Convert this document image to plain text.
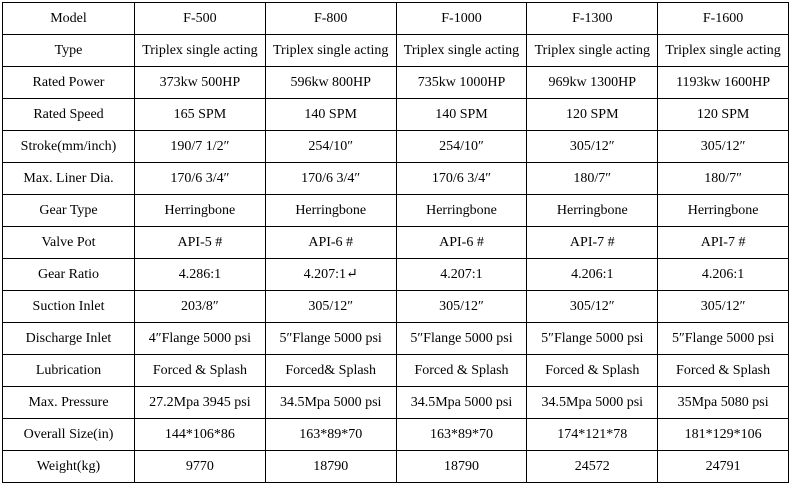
Model	F-500	F-800	F-1000	F-1300	F-1600
Type	Triplex single acting	Triplex single acting	Triplex single acting	Triplex single acting	Triplex single acting
Rated Power	373kw 500HP	596kw 800HP	735kw 1000HP	969kw 1300HP	1193kw 1600HP
Rated Speed	165 SPM	140 SPM	140 SPM	120 SPM	120 SPM
Stroke(mm/inch)	190/7 1/2″	254/10″	254/10″	305/12″	305/12″
Max. Liner Dia.	170/6 3/4″	170/6 3/4″	170/6 3/4″	180/7″	180/7″
Gear Type	Herringbone	Herringbone	Herringbone	Herringbone	Herringbone
Valve Pot	API-5 #	API-6 #	API-6 #	API-7 #	API-7 #
Gear Ratio	4.286:1	4.207:1↵	4.207:1	4.206:1	4.206:1
Suction Inlet	203/8″	305/12″	305/12″	305/12″	305/12″
Discharge Inlet	4″Flange 5000 psi	5″Flange 5000 psi	5″Flange 5000 psi	5″Flange 5000 psi	5″Flange 5000 psi
Lubrication	Forced & Splash	Forced& Splash	Forced & Splash	Forced & Splash	Forced & Splash
Max. Pressure	27.2Mpa 3945 psi	34.5Mpa 5000 psi	34.5Mpa 5000 psi	34.5Mpa 5000 psi	35Mpa 5080 psi
Overall Size(in)	144*106*86	163*89*70	163*89*70	174*121*78	181*129*106
Weight(kg)	9770	18790	18790	24572	24791
